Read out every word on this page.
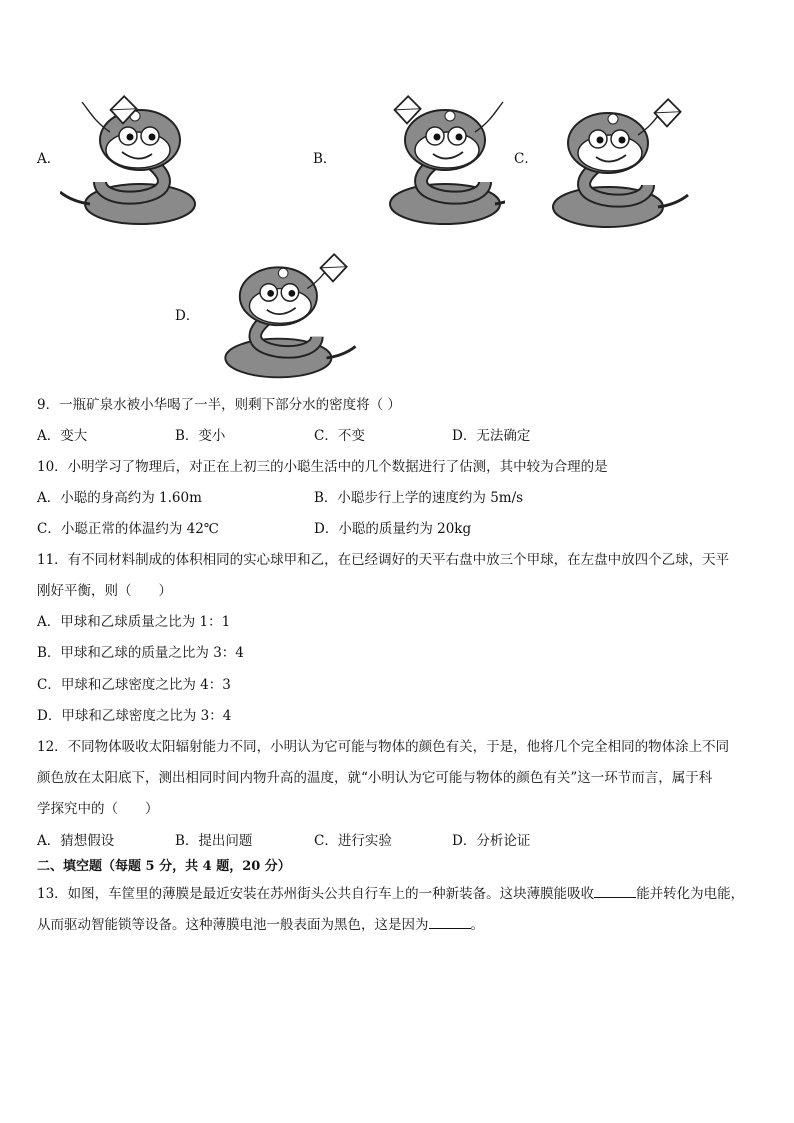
A．	B．	C．
D．
9．一瓶矿泉水被小华喝了一半，则剩下部分水的密度将（ ）
A．变大	B．变小	C．不变	D．无法确定
10．小明学习了物理后，对正在上初三的小聪生活中的几个数据进行了估测，其中较为合理的是
A．小聪的身高约为 1.60m	B．小聪步行上学的速度约为 5m/s
C．小聪正常的体温约为 42℃	D．小聪的质量约为 20kg
11．有不同材料制成的体积相同的实心球甲和乙，在已经调好的天平右盘中放三个甲球，在左盘中放四个乙球，天平
刚好平衡，则（　　）
A．甲球和乙球质量之比为 1：1
B．甲球和乙球的质量之比为 3：4
C．甲球和乙球密度之比为 4：3
D．甲球和乙球密度之比为 3：4
12．不同物体吸收太阳辐射能力不同，小明认为它可能与物体的颜色有关，于是，他将几个完全相同的物体涂上不同
颜色放在太阳底下，测出相同时间内物升高的温度，就“小明认为它可能与物体的颜色有关”这一环节而言，属于科
学探究中的（　　）
A．猜想假设	B．提出问题	C．进行实验	D．分析论证
二、填空题（每题 5 分，共 4 题，20 分）
13．如图，车筐里的薄膜是最近安装在苏州街头公共自行车上的一种新装备。这块薄膜能吸收	能并转化为电能，
从而驱动智能锁等设备。这种薄膜电池一般表面为黑色，这是因为	。
